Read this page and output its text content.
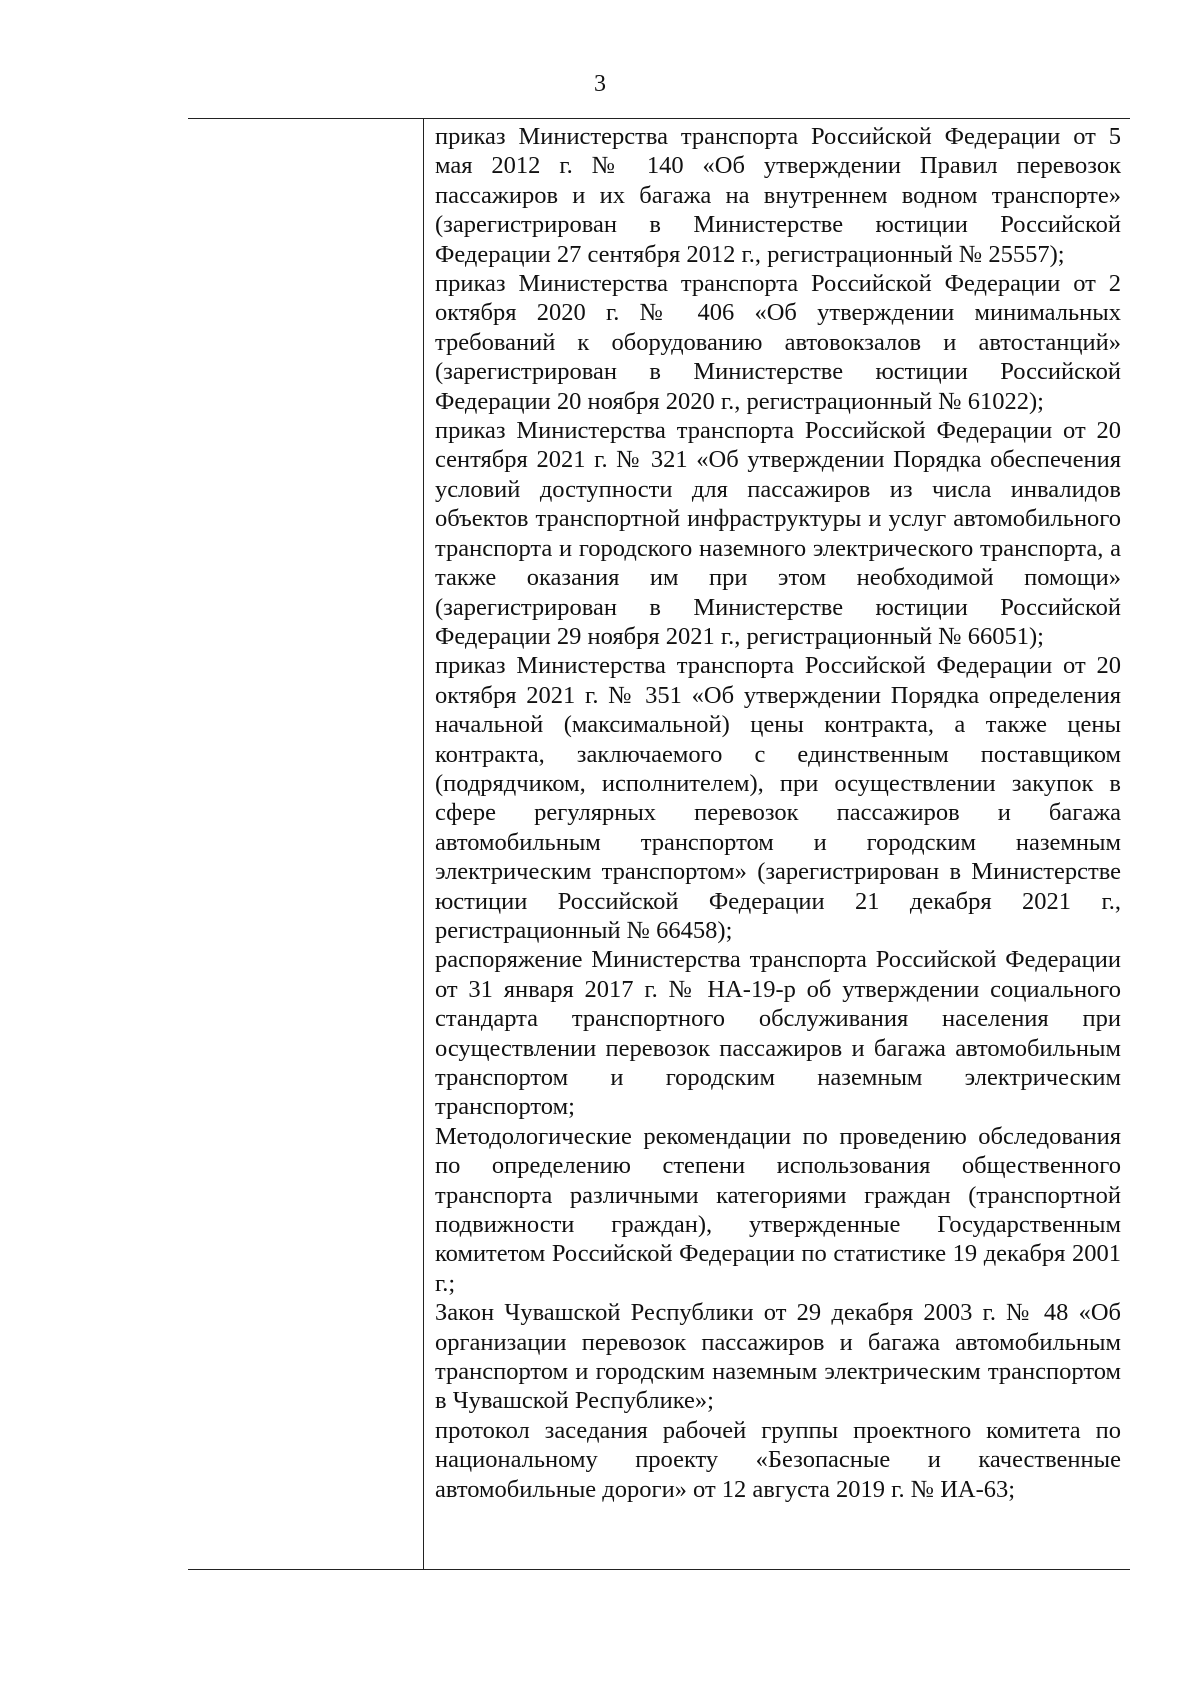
3

приказ Министерства транспорта Российской Федерации от 5 мая 2012 г. № 140 «Об утверждении Правил перевозок пассажиров и их багажа на внутреннем водном транспорте» (зарегистрирован в Министерстве юстиции Российской Федерации 27 сентября 2012 г., регистрационный № 25557);

приказ Министерства транспорта Российской Федерации от 2 октября 2020 г. № 406 «Об утверждении минимальных требований к оборудованию автовокзалов и автостанций» (зарегистрирован в Министерстве юстиции Российской Федерации 20 ноября 2020 г., регистрационный № 61022);

приказ Министерства транспорта Российской Федерации от 20 сентября 2021 г. № 321 «Об утверждении Порядка обеспечения условий доступности для пассажиров из числа инвалидов объектов транспортной инфраструктуры и услуг автомобильного транспорта и городского наземного электрического транспорта, а также оказания им при этом необходимой помощи» (зарегистрирован в Министерстве юстиции Российской Федерации 29 ноября 2021 г., регистрационный № 66051);

приказ Министерства транспорта Российской Федерации от 20 октября 2021 г. № 351 «Об утверждении Порядка определения начальной (максимальной) цены контракта, а также цены контракта, заключаемого с единственным поставщиком (подрядчиком, исполнителем), при осуществлении закупок в сфере регулярных перевозок пассажиров и багажа автомобильным транспортом и городским наземным электрическим транспортом» (зарегистрирован в Министерстве юстиции Российской Федерации 21 декабря 2021 г., регистрационный № 66458);

распоряжение Министерства транспорта Российской Федерации от 31 января 2017 г. № НА-19-р об утверждении социального стандарта транспортного обслуживания населения при осуществлении перевозок пассажиров и багажа автомобильным транспортом и городским наземным электрическим транспортом;

Методологические рекомендации по проведению обследования по определению степени использования общественного транспорта различными категориями граждан (транспортной подвижности граждан), утвержденные Государственным комитетом Российской Федерации по статистике 19 декабря 2001 г.;

Закон Чувашской Республики от 29 декабря 2003 г. № 48 «Об организации перевозок пассажиров и багажа автомобильным транспортом и городским наземным электрическим транспортом в Чувашской Республике»;

протокол заседания рабочей группы проектного комитета по национальному проекту «Безопасные и качественные автомобильные дороги» от 12 августа 2019 г. № ИА-63;
